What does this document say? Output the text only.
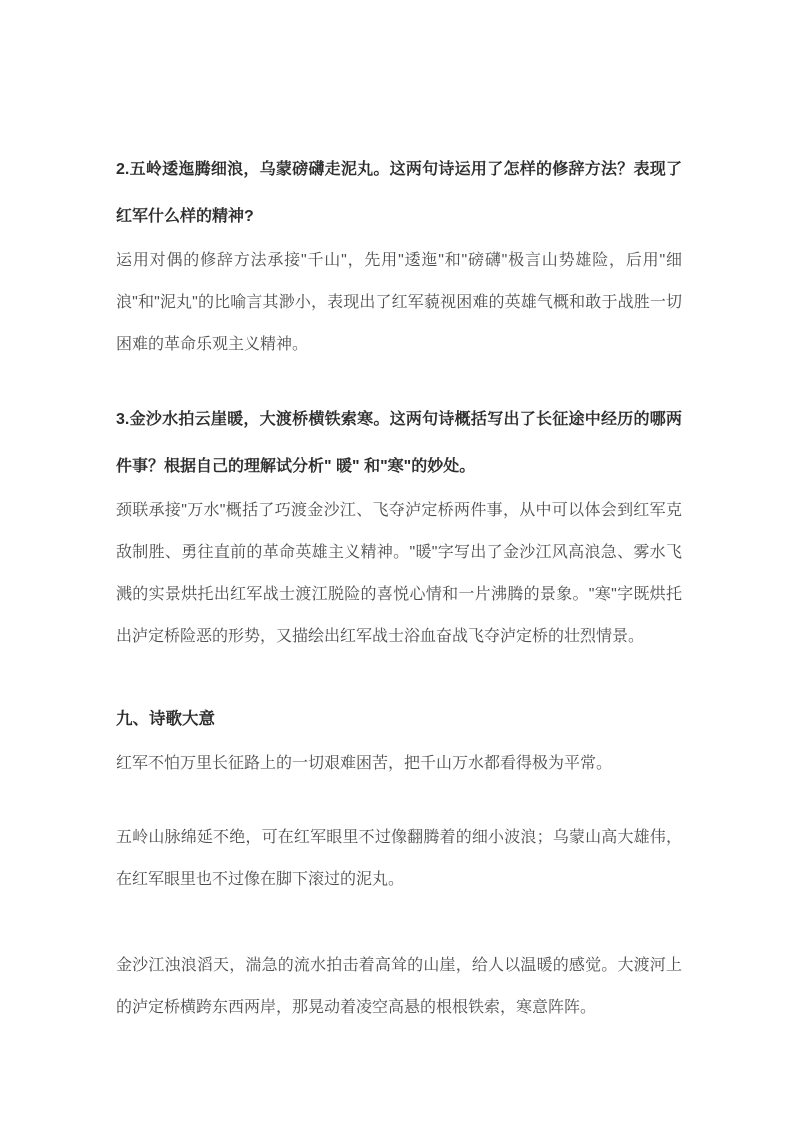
2.五岭逶迤腾细浪，乌蒙磅礴走泥丸。这两句诗运用了怎样的修辞方法？表现了红军什么样的精神?

运用对偶的修辞方法承接"千山"，先用"逶迤"和"磅礴"极言山势雄险，后用"细浪"和"泥丸"的比喻言其渺小，表现出了红军藐视困难的英雄气概和敢于战胜一切困难的革命乐观主义精神。

3.金沙水拍云崖暖，大渡桥横铁索寒。这两句诗概括写出了长征途中经历的哪两件事？根据自己的理解试分析" 暖" 和"寒"的妙处。

颈联承接"万水"概括了巧渡金沙江、飞夺泸定桥两件事，从中可以体会到红军克敌制胜、勇往直前的革命英雄主义精神。"暖"字写出了金沙江风高浪急、雾水飞溅的实景烘托出红军战士渡江脱险的喜悦心情和一片沸腾的景象。"寒"字既烘托出泸定桥险恶的形势，又描绘出红军战士浴血奋战飞夺泸定桥的壮烈情景。

九、诗歌大意

红军不怕万里长征路上的一切艰难困苦，把千山万水都看得极为平常。

五岭山脉绵延不绝，可在红军眼里不过像翻腾着的细小波浪；乌蒙山高大雄伟，在红军眼里也不过像在脚下滚过的泥丸。

金沙江浊浪滔天，湍急的流水拍击着高耸的山崖，给人以温暖的感觉。大渡河上的泸定桥横跨东西两岸，那晃动着凌空高悬的根根铁索，寒意阵阵。
